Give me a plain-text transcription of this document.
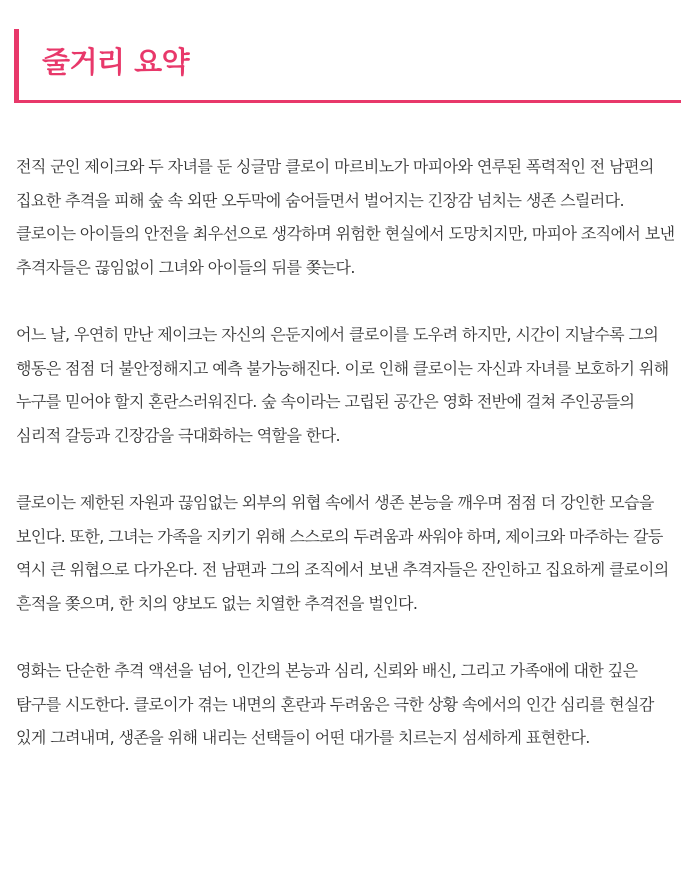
줄거리 요약

전직 군인 제이크와 두 자녀를 둔 싱글맘 클로이 마르비노가 마피아와 연루된 폭력적인 전 남편의 집요한 추격을 피해 숲 속 외딴 오두막에 숨어들면서 벌어지는 긴장감 넘치는 생존 스릴러다. 클로이는 아이들의 안전을 최우선으로 생각하며 위험한 현실에서 도망치지만, 마피아 조직에서 보낸 추격자들은 끊임없이 그녀와 아이들의 뒤를 쫒는다.

어느 날, 우연히 만난 제이크는 자신의 은둔지에서 클로이를 도우려 하지만, 시간이 지날수록 그의 행동은 점점 더 불안정해지고 예측 불가능해진다. 이로 인해 클로이는 자신과 자녀를 보호하기 위해 누구를 믿어야 할지 혼란스러워진다. 숲 속이라는 고립된 공간은 영화 전반에 걸쳐 주인공들의 심리적 갈등과 긴장감을 극대화하는 역할을 한다.

클로이는 제한된 자원과 끊임없는 외부의 위협 속에서 생존 본능을 깨우며 점점 더 강인한 모습을 보인다. 또한, 그녀는 가족을 지키기 위해 스스로의 두려움과 싸워야 하며, 제이크와 마주하는 갈등 역시 큰 위협으로 다가온다. 전 남편과 그의 조직에서 보낸 추격자들은 잔인하고 집요하게 클로이의 흔적을 쫒으며, 한 치의 양보도 없는 치열한 추격전을 벌인다.

영화는 단순한 추격 액션을 넘어, 인간의 본능과 심리, 신뢰와 배신, 그리고 가족애에 대한 깊은 탐구를 시도한다. 클로이가 겪는 내면의 혼란과 두려움은 극한 상황 속에서의 인간 심리를 현실감 있게 그려내며, 생존을 위해 내리는 선택들이 어떤 대가를 치르는지 섬세하게 표현한다.
